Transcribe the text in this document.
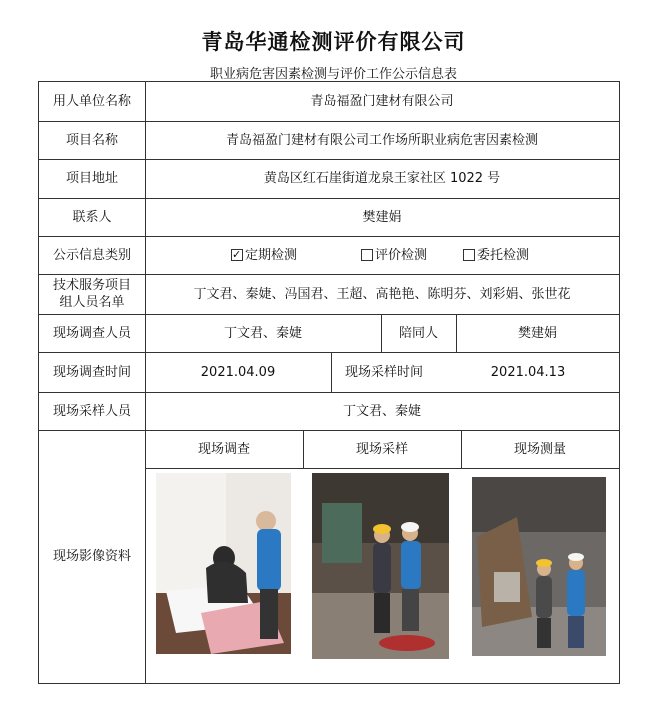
青岛华通检测评价有限公司
职业病危害因素检测与评价工作公示信息表
用人单位名称	青岛福盈门建材有限公司
项目名称	青岛福盈门建材有限公司工作场所职业病危害因素检测
项目地址	黄岛区红石崖街道龙泉王家社区 1022 号
联系人	樊建娟
公示信息类别
✓	定期检测	评价检测	委托检测
技术服务项目
组人员名单
丁文君、秦婕、冯国君、王超、高艳艳、陈明芬、刘彩娟、张世花
现场调查人员	丁文君、秦婕	陪同人	樊建娟
现场调查时间	2021.04.09	现场采样时间	2021.04.13
现场采样人员	丁文君、秦婕
现场影像资料
现场调查	现场采样	现场测量
